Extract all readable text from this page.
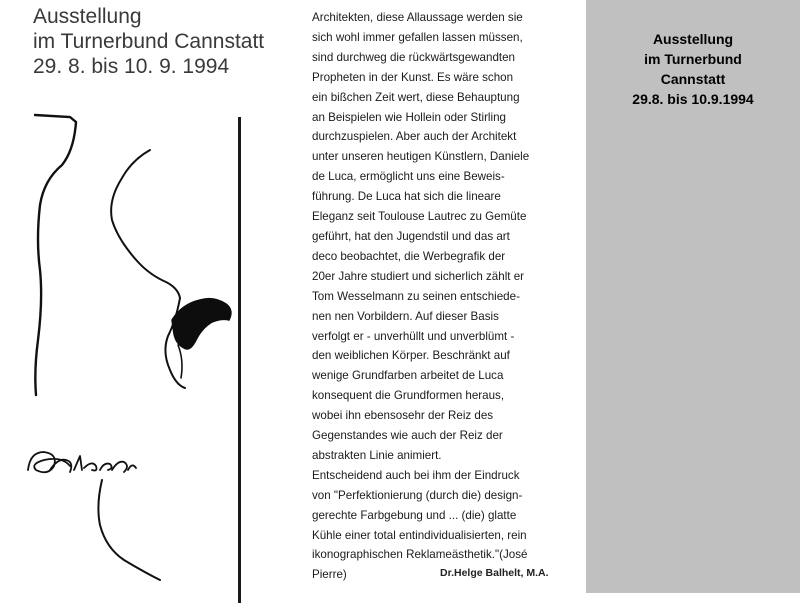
Ausstellung
im Turnerbund Cannstatt
29. 8. bis 10. 9. 1994
Architekten, diese Allaussage werden sie
sich wohl immer gefallen lassen müssen,
sind durchweg die rückwärtsgewandten
Propheten in der Kunst. Es wäre schon
ein bißchen Zeit wert, diese Behauptung
an Beispielen wie Hollein oder Stirling
durchzuspielen. Aber auch der Architekt
unter unseren heutigen Künstlern, Daniele
de Luca, ermöglicht uns eine Beweis-
führung. De Luca hat sich die lineare
Eleganz seit Toulouse Lautrec zu Gemüte
geführt, hat den Jugendstil und das art
deco beobachtet, die Werbegrafik der
20er Jahre studiert und sicherlich zählt er
Tom Wesselmann zu seinen entschiede-
nen nen Vorbildern. Auf dieser Basis
verfolgt er - unverhüllt und unverblümt -
den weiblichen Körper. Beschränkt auf
wenige Grundfarben arbeitet de Luca
konsequent die Grundformen heraus,
wobei ihn ebensosehr der Reiz des
Gegenstandes wie auch der Reiz der
abstrakten Linie animiert.
Entscheidend auch bei ihm der Eindruck
von "Perfektionierung (durch die) design-
gerechte Farbgebung und ... (die) glatte
Kühle einer total entindividualisierten, rein
ikonographischen Reklameästhetik."(José
Pierre)	Dr.Helge Balhelt, M.A.
Ausstellung
im Turnerbund
Cannstatt
29.8. bis 10.9.1994
